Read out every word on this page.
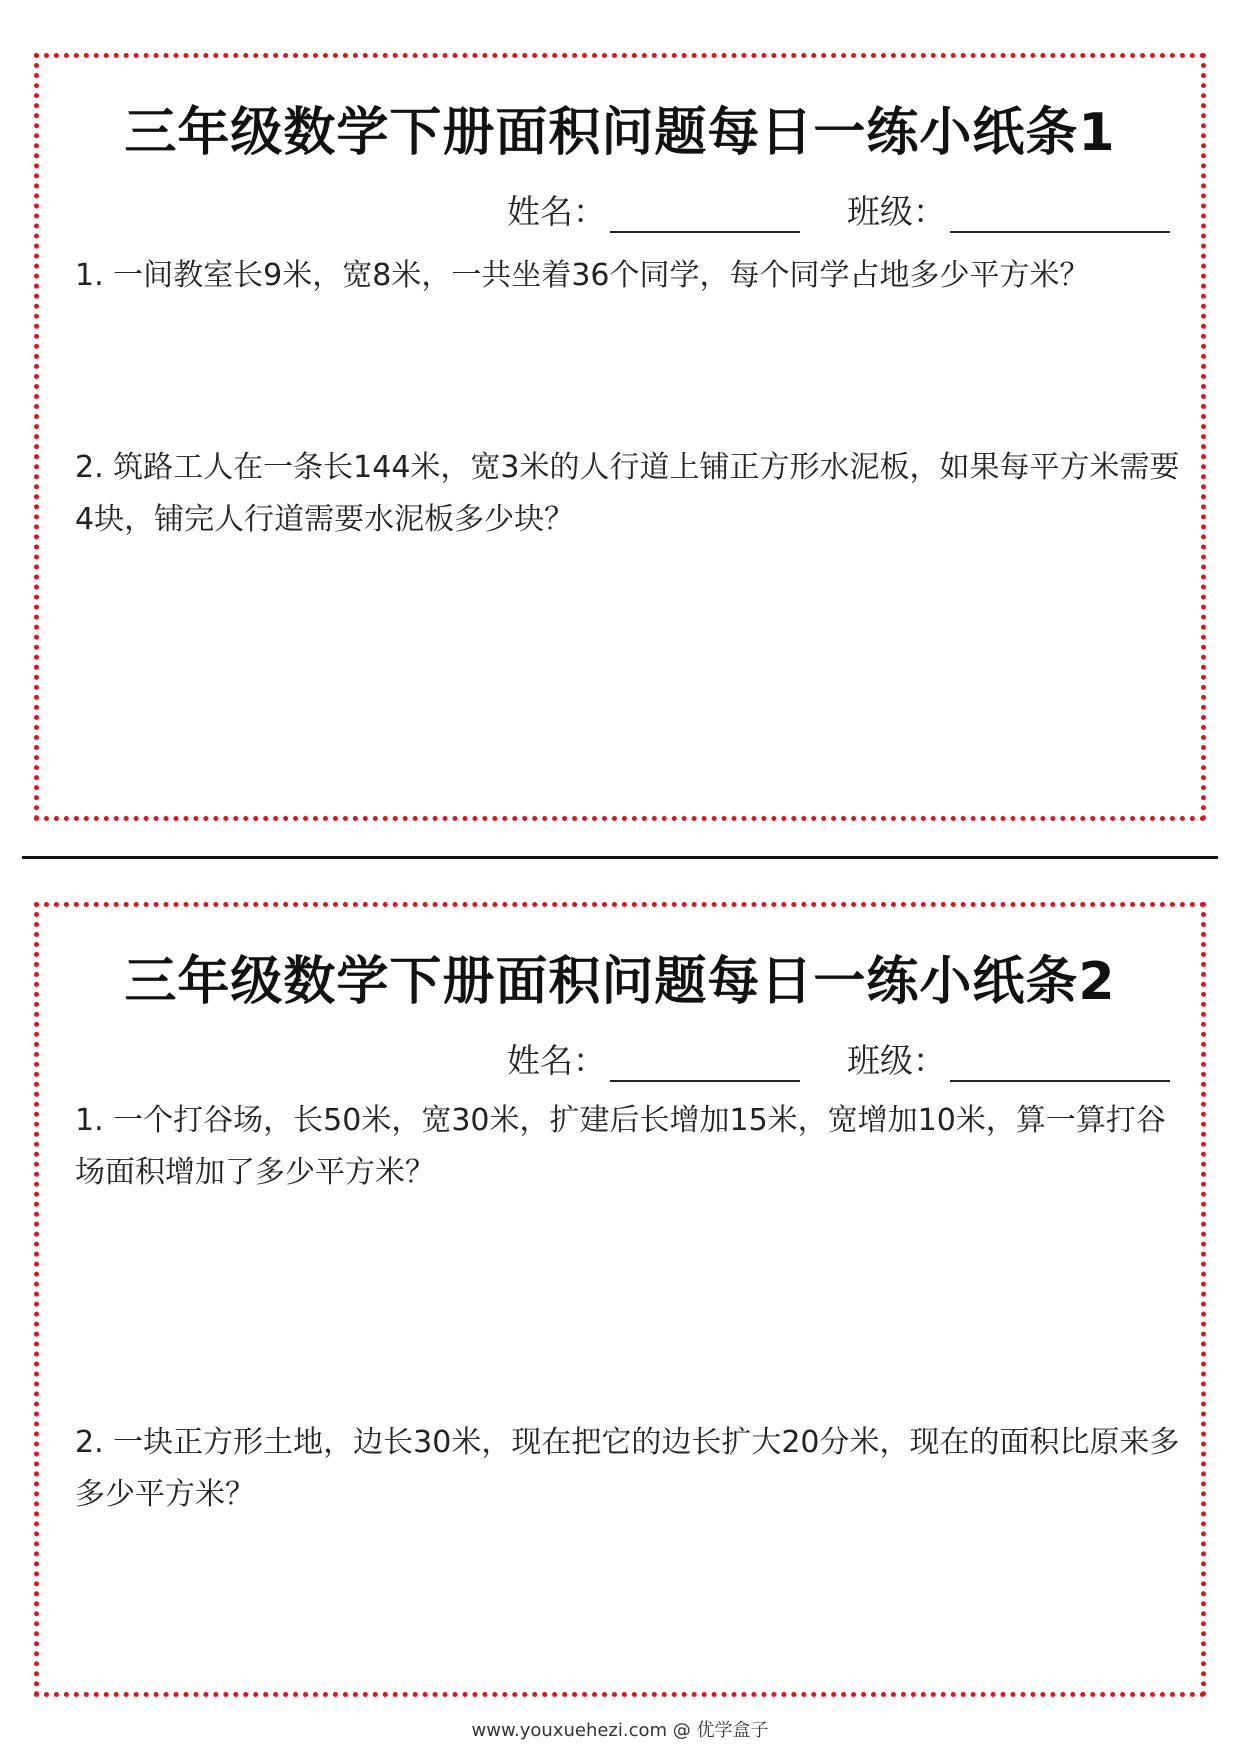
三年级数学下册面积问题每日一练小纸条1
姓名：	班级：
1. 一间教室长9米，宽8米，一共坐着36个同学，每个同学占地多少平方米？
2. 筑路工人在一条长144米，宽3米的人行道上铺正方形水泥板，如果每平方米需要4块，铺完人行道需要水泥板多少块？
三年级数学下册面积问题每日一练小纸条2
姓名：	班级：
1. 一个打谷场，长50米，宽30米，扩建后长增加15米，宽增加10米，算一算打谷场面积增加了多少平方米？
2. 一块正方形土地，边长30米，现在把它的边长扩大20分米，现在的面积比原来多多少平方米？
www.youxuehezi.com @ 优学盒子
